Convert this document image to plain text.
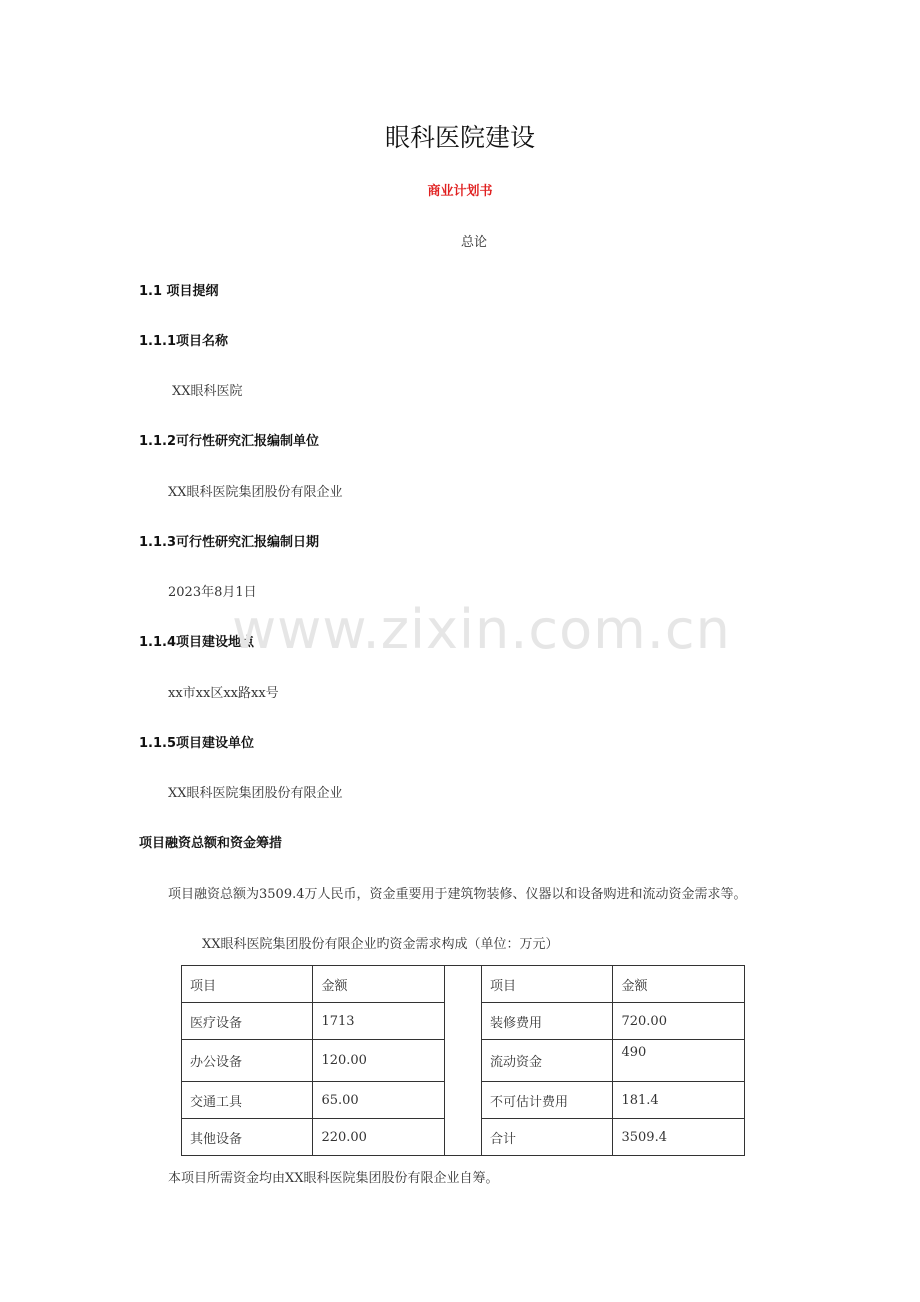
眼科医院建设
商业计划书
总论
1.1 项目提纲
1.1.1项目名称
XX眼科医院
1.1.2可行性研究汇报编制单位
XX眼科医院集团股份有限企业
1.1.3可行性研究汇报编制日期
2023年8月1日
1.1.4项目建设地点
xx市xx区xx路xx号
1.1.5项目建设单位
XX眼科医院集团股份有限企业
项目融资总额和资金筹措
项目融资总额为3509.4万人民币，资金重要用于建筑物装修、仪器以和设备购进和流动资金需求等。
XX眼科医院集团股份有限企业旳资金需求构成（单位：万元）
www.zixin.com.cn
项目	金额		项目	金额
医疗设备	1713		装修费用	720.00
办公设备	120.00		流动资金	490
交通工具	65.00		不可估计费用	181.4
其他设备	220.00		合计	3509.4
本项目所需资金均由XX眼科医院集团股份有限企业自筹。
